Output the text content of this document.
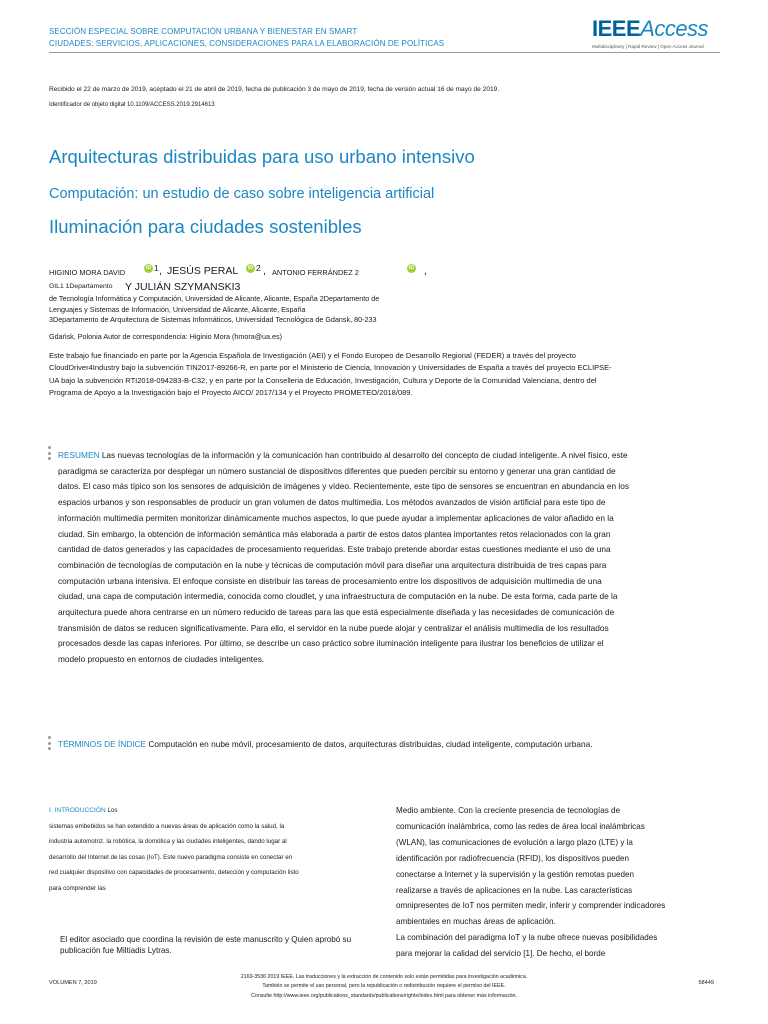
SECCIÓN ESPECIAL SOBRE COMPUTACIÓN URBANA Y BIENESTAR EN SMART
CIUDADES: SERVICIOS, APLICACIONES, CONSIDERACIONES PARA LA ELABORACIÓN DE POLÍTICAS
IEEEAccess
Multidisciplinary | Rapid Review | Open Access Journal
Recibido el 22 de marzo de 2019, aceptado el 21 de abril de 2019, fecha de publicación 3 de mayo de 2019, fecha de versión actual 16 de mayo de 2019.
Identificador de objeto digital 10.1109/ACCESS.2019.2914613
Arquitecturas distribuidas para uso urbano intensivo
Computación: un estudio de caso sobre inteligencia artificial
Iluminación para ciudades sostenibles
HIGINIO MORA DAVID	iD 1 , JESÚS PERAL	iD 2 , ANTONIO FERRÁNDEZ 2	iD ,
GIL1 1Departamento Y JULIÁN SZYMANSKI3
de Tecnología Informática y Computación, Universidad de Alicante, Alicante, España 2Departamento de
Lenguajes y Sistemas de Información, Universidad de Alicante, Alicante, España
3Departamento de Arquitectura de Sistemas Informáticos, Universidad Tecnológica de Gdansk, 80-233
Gdańsk, Polonia Autor de correspondencia: Higinio Mora (hmora@ua.es)
Este trabajo fue financiado en parte por la Agencia Española de Investigación (AEI) y el Fondo Europeo de Desarrollo Regional (FEDER) a través del proyecto CloudDriver4Industry bajo la subvención TIN2017-89266-R, en parte por el Ministerio de Ciencia, Innovación y Universidades de España a través del proyecto ECLIPSE-UA bajo la subvención RTI2018-094283-B-C32, y en parte por la Conselleria de Educación, Investigación, Cultura y Deporte de la Comunidad Valenciana, dentro del Programa de Apoyo a la Investigación bajo el Proyecto AICO/ 2017/134 y el Proyecto PROMETEO/2018/089.
RESUMEN Las nuevas tecnologías de la información y la comunicación han contribuido al desarrollo del concepto de ciudad inteligente. A nivel físico, este paradigma se caracteriza por desplegar un número sustancial de dispositivos diferentes que pueden percibir su entorno y generar una gran cantidad de datos. El caso más típico son los sensores de adquisición de imágenes y vídeo. Recientemente, este tipo de sensores se encuentran en abundancia en los espacios urbanos y son responsables de producir un gran volumen de datos multimedia. Los métodos avanzados de visión artificial para este tipo de información multimedia permiten monitorizar dinámicamente muchos aspectos, lo que puede ayudar a implementar aplicaciones de valor añadido en la ciudad. Sin embargo, la obtención de información semántica más elaborada a partir de estos datos plantea importantes retos relacionados con la gran cantidad de datos generados y las capacidades de procesamiento requeridas. Este trabajo pretende abordar estas cuestiones mediante el uso de una combinación de tecnologías de computación en la nube y técnicas de computación móvil para diseñar una arquitectura distribuida de tres capas para computación urbana intensiva. El enfoque consiste en distribuir las tareas de procesamiento entre los dispositivos de adquisición multimedia de una ciudad, una capa de computación intermedia, conocida como cloudlet, y una infraestructura de computación en la nube. De esta forma, cada parte de la arquitectura puede ahora centrarse en un número reducido de tareas para las que está especialmente diseñada y las necesidades de comunicación de transmisión de datos se reducen significativamente. Para ello, el servidor en la nube puede alojar y centralizar el análisis multimedia de los resultados procesados desde las capas inferiores. Por último, se describe un caso práctico sobre iluminación inteligente para ilustrar los beneficios de utilizar el modelo propuesto en entornos de ciudades inteligentes.
TÉRMINOS DE ÍNDICE Computación en nube móvil, procesamiento de datos, arquitecturas distribuidas, ciudad inteligente, computación urbana.
I. INTRODUCCIÓN Los
sistemas embebidos se han extendido a nuevas áreas de aplicación como la salud, la
industria automotriz, la robótica, la domótica y las ciudades inteligentes, dando lugar al
desarrollo del Internet de las cosas (IoT). Este nuevo paradigma consiste en conectar en
red cualquier dispositivo con capacidades de procesamiento, detección y computación listo
para comprender las
El editor asociado que coordina la revisión de este manuscrito y Quien aprobó su publicación fue Miltiadis Lytras.
Medio ambiente. Con la creciente presencia de tecnologías de
comunicación inalámbrica, como las redes de área local inalámbricas
(WLAN), las comunicaciones de evolución a largo plazo (LTE) y la
identificación por radiofrecuencia (RFID), los dispositivos pueden
conectarse a Internet y la supervisión y la gestión remotas pueden
realizarse a través de aplicaciones en la nube. Las características
omnipresentes de IoT nos permiten medir, inferir y comprender indicadores
ambientales en muchas áreas de aplicación.
La combinación del paradigma IoT y la nube ofrece nuevas posibilidades
para mejorar la calidad del servicio [1]. De hecho, el borde
VOLUMEN 7, 2019
2169-3536 2019 IEEE. Las traducciones y la extracción de contenido solo están permitidas para investigación académica.
También se permite el uso personal, pero la republicación o redistribución requiere el permiso del IEEE.
Consulte http://www.ieee.org/publications_standards/publications/rights/index.html para obtener más información.
58449
